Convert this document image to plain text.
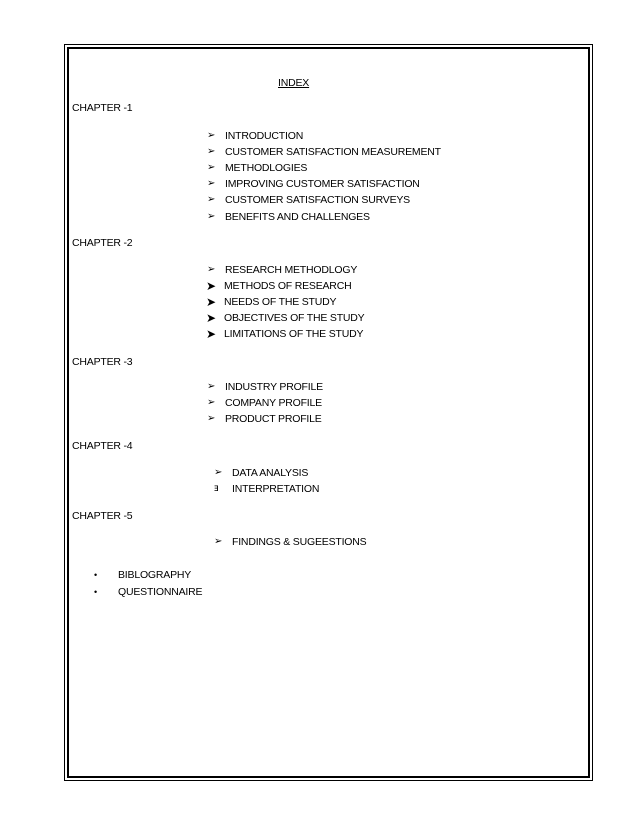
INDEX
CHAPTER -1
➢ INTRODUCTION
➢ CUSTOMER SATISFACTION MEASUREMENT
➢ METHODLOGIES
➢ IMPROVING CUSTOMER SATISFACTION
➢ CUSTOMER SATISFACTION SURVEYS
➢ BENEFITS AND CHALLENGES
CHAPTER -2
➢ RESEARCH METHODLOGY
➤ METHODS OF RESEARCH
➤ NEEDS OF THE STUDY
➤ OBJECTIVES OF THE STUDY
➤ LIMITATIONS OF THE STUDY
CHAPTER -3
➢ INDUSTRY PROFILE
➢ COMPANY PROFILE
➢ PRODUCT PROFILE
CHAPTER -4
➢ DATA ANALYSIS
ⱻ	INTERPRETATION
CHAPTER -5
➢ FINDINGS & SUGEESTIONS
•	BIBLOGRAPHY
•	QUESTIONNAIRE
